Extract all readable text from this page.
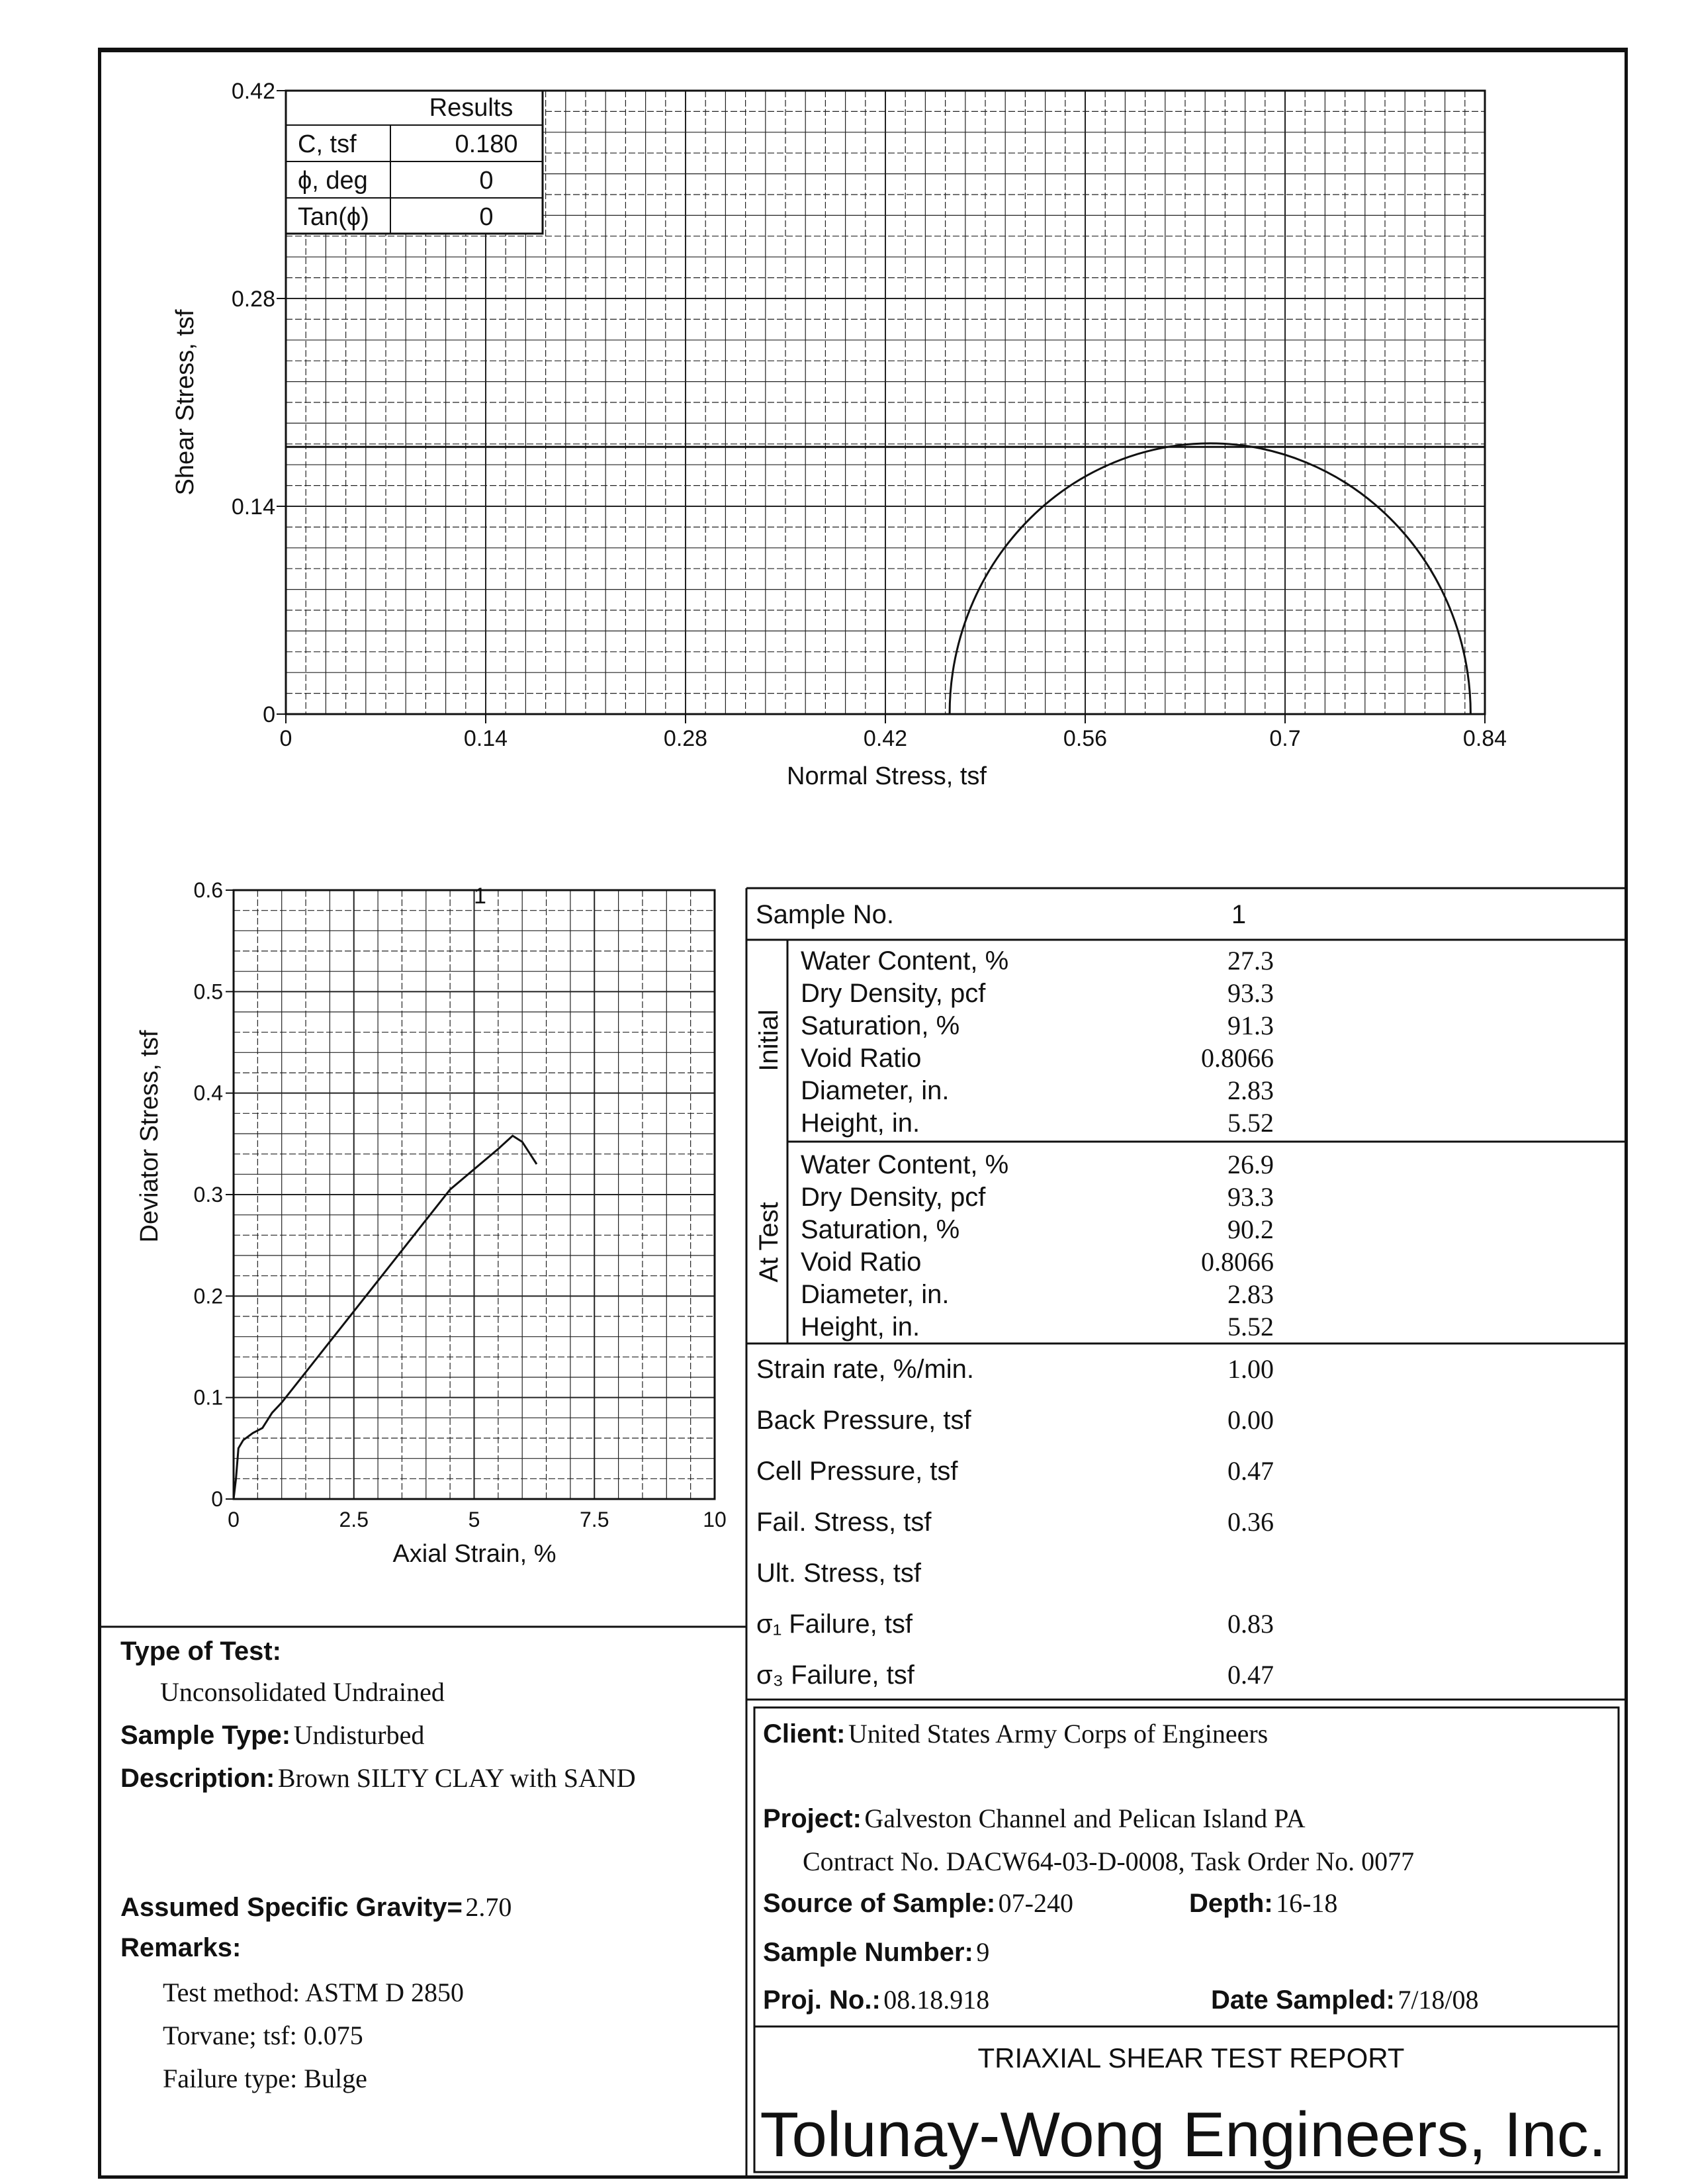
0	0.14	0.28	0.42	0.56	0.7	0.84
0
0.14
0.28
0.42
Results
C, tsf	0.180
ϕ, deg	0
Tan(ϕ)	0
Normal Stress, tsf
Shear Stress, tsf
0	2.5	5	7.5	10
0
0.1
0.2
0.3
0.4
0.5
0.6	1
Axial Strain, %
Deviator Stress, tsf
Sample No.	1
Initial
At Test
Water Content, %	27.3
Dry Density, pcf	93.3
Saturation, %	91.3
Void Ratio	0.8066
Diameter, in.	2.83
Height, in.	5.52
Water Content, %	26.9
Dry Density, pcf	93.3
Saturation, %	90.2
Void Ratio	0.8066
Diameter, in.	2.83
Height, in.	5.52
Strain rate, %/min.	1.00
Back Pressure, tsf	0.00
Cell Pressure, tsf	0.47
Fail. Stress, tsf	0.36
Ult. Stress, tsf
σ₁ Failure, tsf	0.83
σ₃ Failure, tsf	0.47
TRIAXIAL SHEAR TEST REPORT
Tolunay-Wong Engineers, Inc.
Type of Test:
Unconsolidated Undrained
Sample Type: Undisturbed
Description: Brown SILTY CLAY with SAND
Assumed Specific Gravity= 2.70
Remarks:
Test method: ASTM D 2850
Torvane; tsf: 0.075
Failure type: Bulge
Client: United States Army Corps of Engineers
Project: Galveston Channel and Pelican Island PA
Contract No. DACW64-03-D-0008, Task Order No. 0077
Source of Sample: 07-240	Depth: 16-18
Sample Number: 9
Proj. No.: 08.18.918	Date Sampled: 7/18/08
